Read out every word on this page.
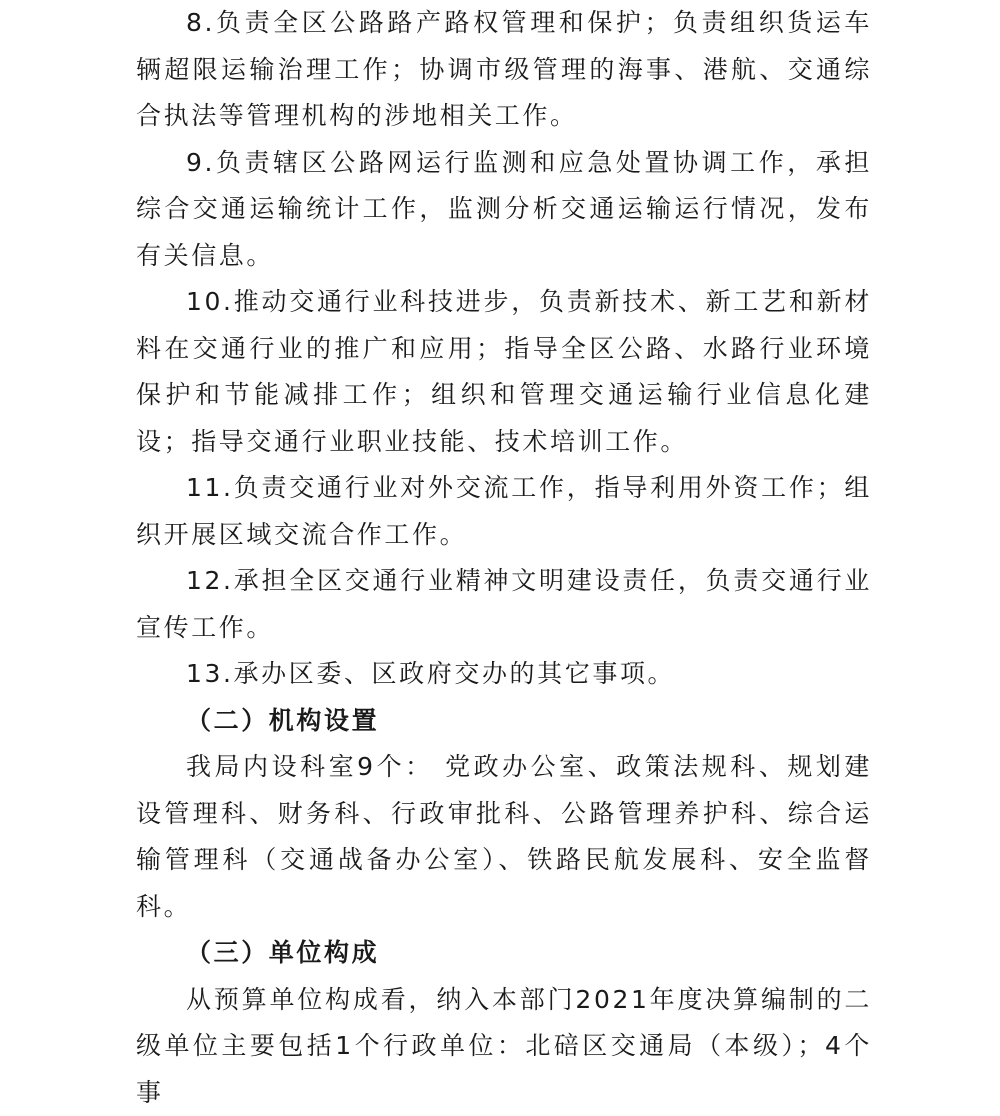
8.负责全区公路路产路权管理和保护；负责组织货运车辆超限运输治理工作；协调市级管理的海事、港航、交通综合执法等管理机构的涉地相关工作。

9.负责辖区公路网运行监测和应急处置协调工作，承担综合交通运输统计工作，监测分析交通运输运行情况，发布有关信息。

10.推动交通行业科技进步，负责新技术、新工艺和新材料在交通行业的推广和应用；指导全区公路、水路行业环境保护和节能减排工作；组织和管理交通运输行业信息化建设；指导交通行业职业技能、技术培训工作。

11.负责交通行业对外交流工作，指导利用外资工作；组织开展区域交流合作工作。

12.承担全区交通行业精神文明建设责任，负责交通行业宣传工作。

13.承办区委、区政府交办的其它事项。

（二）机构设置

我局内设科室9个： 党政办公室、政策法规科、规划建设管理科、财务科、行政审批科、公路管理养护科、综合运输管理科（交通战备办公室）、铁路民航发展科、安全监督科。

（三）单位构成

从预算单位构成看，纳入本部门2021年度决算编制的二级单位主要包括1个行政单位：北碚区交通局（本级）；4个事
